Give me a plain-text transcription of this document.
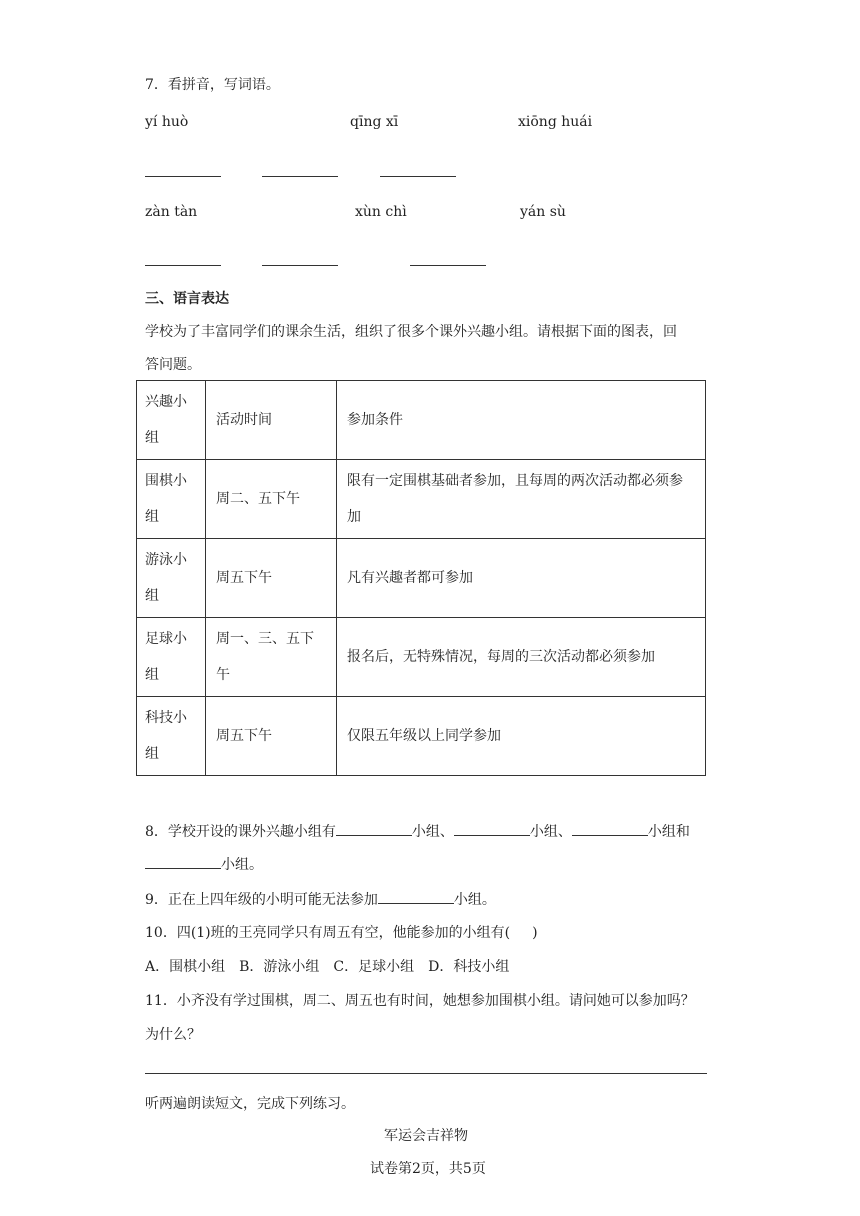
7．看拼音，写词语。
yí huò	qīng xī	xiōng huái
zàn tàn	xùn chì	yán sù
三、语言表达
学校为了丰富同学们的课余生活，组织了很多个课外兴趣小组。请根据下面的图表，回
答问题。
兴趣小组	活动时间	参加条件
围棋小组	周二、五下午	限有一定围棋基础者参加，且每周的两次活动都必须参加
游泳小组	周五下午	凡有兴趣者都可参加
足球小组	周一、三、五下午	报名后，无特殊情况，每周的三次活动都必须参加
科技小组	周五下午	仅限五年级以上同学参加
8．学校开设的课外兴趣小组有	小组、	小组、	小组和
小组。
9．正在上四年级的小明可能无法参加	小组。
10．四(1)班的王亮同学只有周五有空，他能参加的小组有( )
A．围棋小组　B．游泳小组　C．足球小组　D．科技小组
11．小齐没有学过围棋，周二、周五也有时间，她想参加围棋小组。请问她可以参加吗？
为什么？
听两遍朗读短文，完成下列练习。
军运会吉祥物
试卷第2页，共5页
